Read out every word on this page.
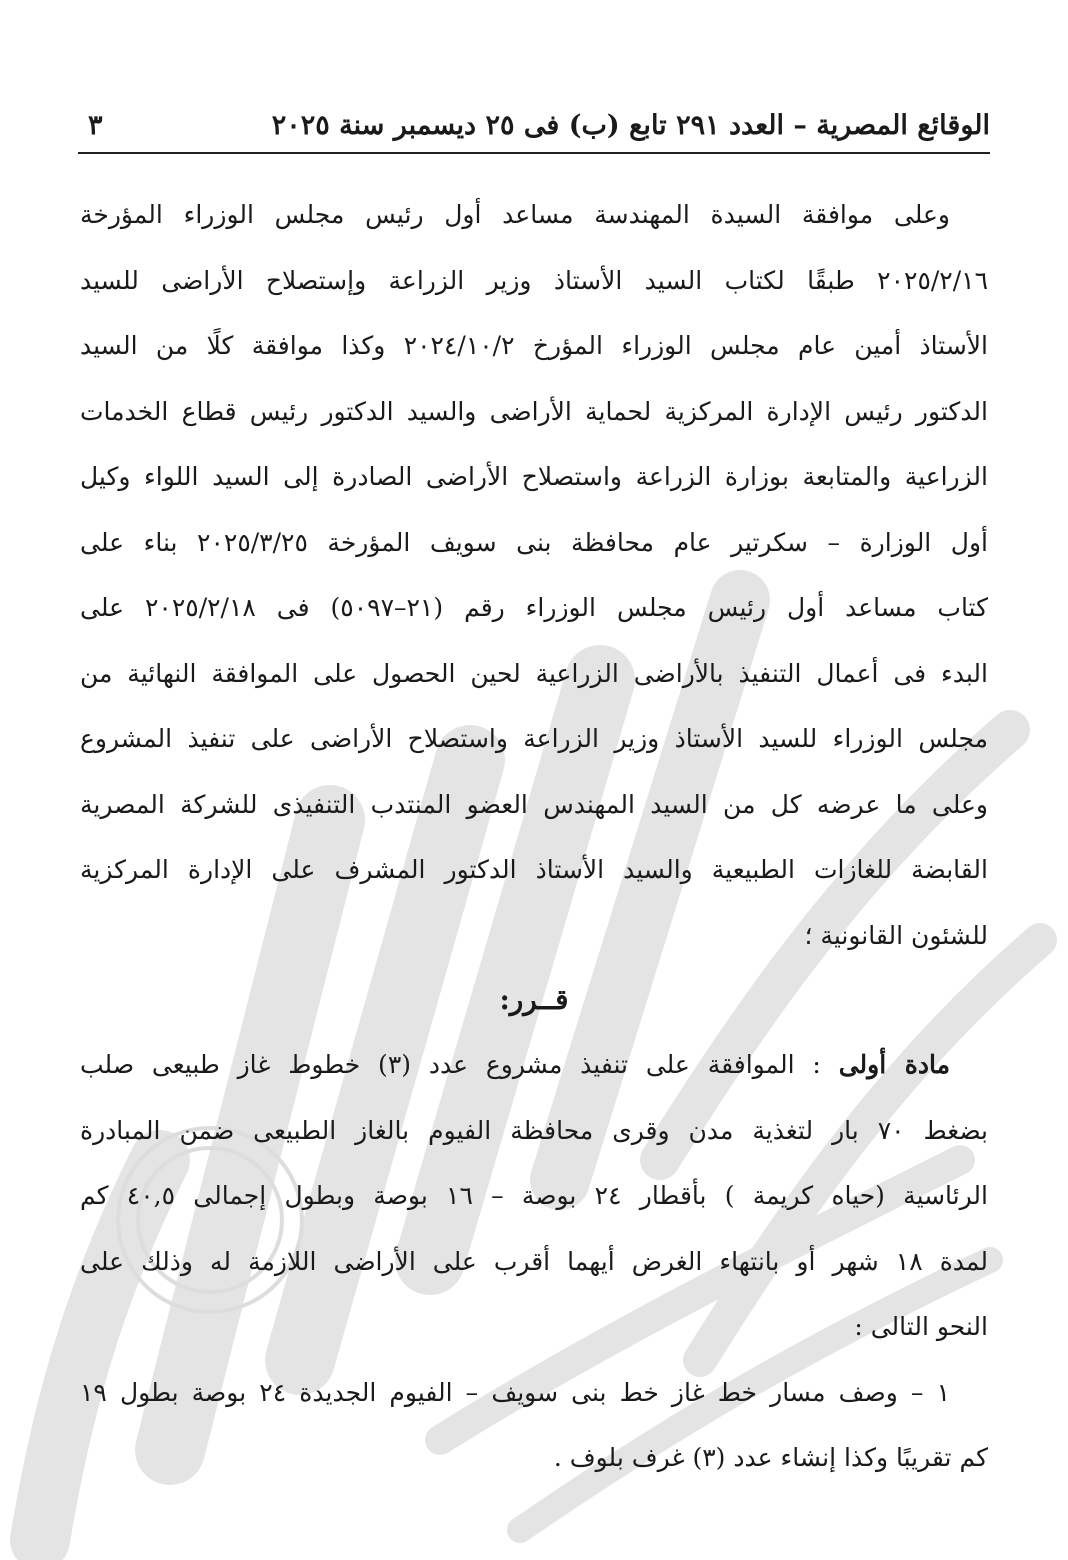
الوقائع المصرية – العدد ٢٩١ تابع (ب) فى ٢٥ ديسمبر سنة ٢٠٢٥
٣
وعلى موافقة السيدة المهندسة مساعد أول رئيس مجلس الوزراء المؤرخة
٢٠٢٥/٢/١٦ طبقًا لكتاب السيد الأستاذ وزير الزراعة وإستصلاح الأراضى للسيد
الأستاذ أمين عام مجلس الوزراء المؤرخ ٢٠٢٤/١٠/٢ وكذا موافقة كلًا من السيد
الدكتور رئيس الإدارة المركزية لحماية الأراضى والسيد الدكتور رئيس قطاع الخدمات
الزراعية والمتابعة بوزارة الزراعة واستصلاح الأراضى الصادرة إلى السيد اللواء وكيل
أول الوزارة – سكرتير عام محافظة بنى سويف المؤرخة ٢٠٢٥/٣/٢٥ بناء على
كتاب مساعد أول رئيس مجلس الوزراء رقم (٢١–٥٠٩٧) فى ٢٠٢٥/٢/١٨ على
البدء فى أعمال التنفيذ بالأراضى الزراعية لحين الحصول على الموافقة النهائية من
مجلس الوزراء للسيد الأستاذ وزير الزراعة واستصلاح الأراضى على تنفيذ المشروع
وعلى ما عرضه كل من السيد المهندس العضو المنتدب التنفيذى للشركة المصرية
القابضة للغازات الطبيعية والسيد الأستاذ الدكتور المشرف على الإدارة المركزية
للشئون القانونية ؛
قــرر:
مادة أولى : الموافقة على تنفيذ مشروع عدد (٣) خطوط غاز طبيعى صلب
بضغط ٧٠ بار لتغذية مدن وقرى محافظة الفيوم بالغاز الطبيعى ضمن المبادرة
الرئاسية (حياه كريمة ) بأقطار ٢٤ بوصة – ١٦ بوصة وبطول إجمالى ٤٠,٥ كم
لمدة ١٨ شهر أو بانتهاء الغرض أيهما أقرب على الأراضى اللازمة له وذلك على
النحو التالى :
١ – وصف مسار خط غاز خط بنى سويف – الفيوم الجديدة ٢٤ بوصة بطول ١٩
كم تقريبًا وكذا إنشاء عدد (٣) غرف بلوف .
